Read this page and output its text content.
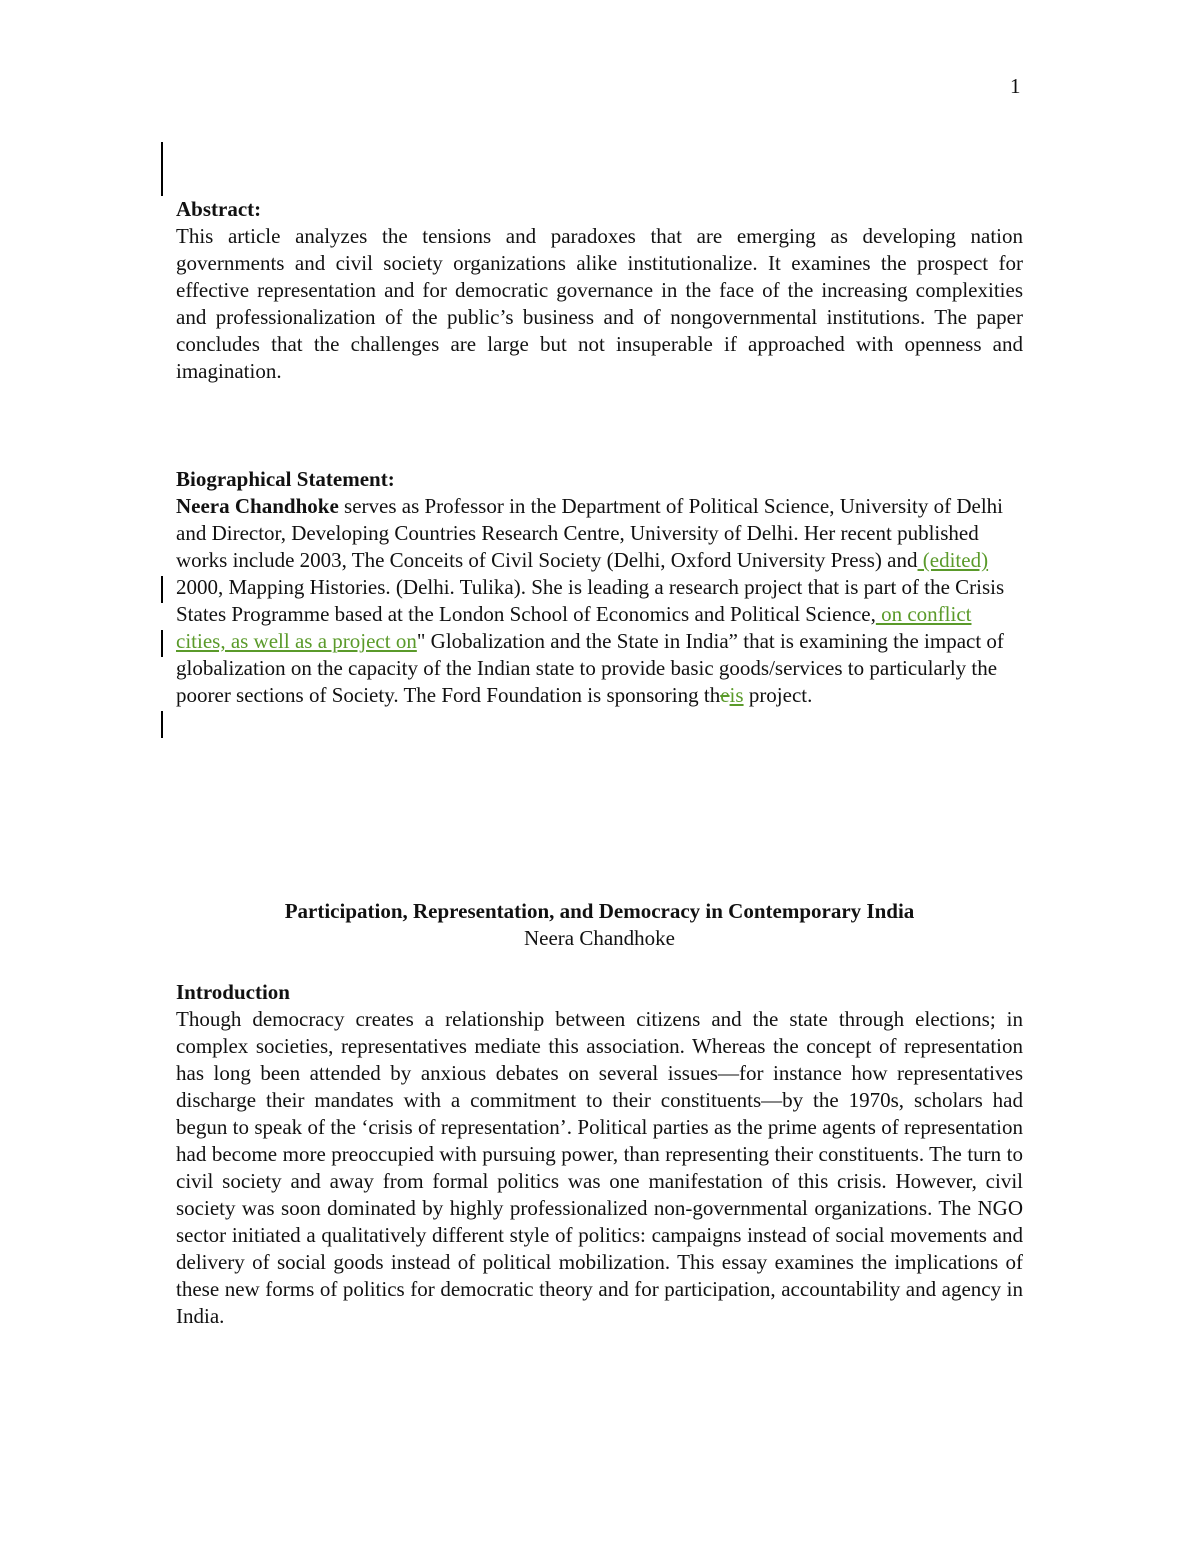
1

Abstract:

This article analyzes the tensions and paradoxes that are emerging as developing nation governments and civil society organizations alike institutionalize. It examines the prospect for effective representation and for democratic governance in the face of the increasing complexities and professionalization of the public’s business and of nongovernmental institutions. The paper concludes that the challenges are large but not insuperable if approached with openness and imagination.

Biographical Statement:

Neera Chandhoke serves as Professor in the Department of Political Science, University of Delhi and Director, Developing Countries Research Centre, University of Delhi. Her recent published works include 2003, The Conceits of Civil Society (Delhi, Oxford University Press) and (edited) 2000, Mapping Histories. (Delhi. Tulika). She is leading a research project that is part of the Crisis States Programme based at the London School of Economics and Political Science, on conflict cities, as well as a project on" Globalization and the State in India” that is examining the impact of globalization on the capacity of the Indian state to provide basic goods/services to particularly the poorer sections of Society. The Ford Foundation is sponsoring theis project.

Participation, Representation, and Democracy in Contemporary India

Neera Chandhoke

Introduction

Though democracy creates a relationship between citizens and the state through elections; in complex societies, representatives mediate this association. Whereas the concept of representation has long been attended by anxious debates on several issues—for instance how representatives discharge their mandates with a commitment to their constituents—by the 1970s, scholars had begun to speak of the ‘crisis of representation’. Political parties as the prime agents of representation had become more preoccupied with pursuing power, than representing their constituents. The turn to civil society and away from formal politics was one manifestation of this crisis. However, civil society was soon dominated by highly professionalized non-governmental organizations. The NGO sector initiated a qualitatively different style of politics: campaigns instead of social movements and delivery of social goods instead of political mobilization. This essay examines the implications of these new forms of politics for democratic theory and for participation, accountability and agency in India.
